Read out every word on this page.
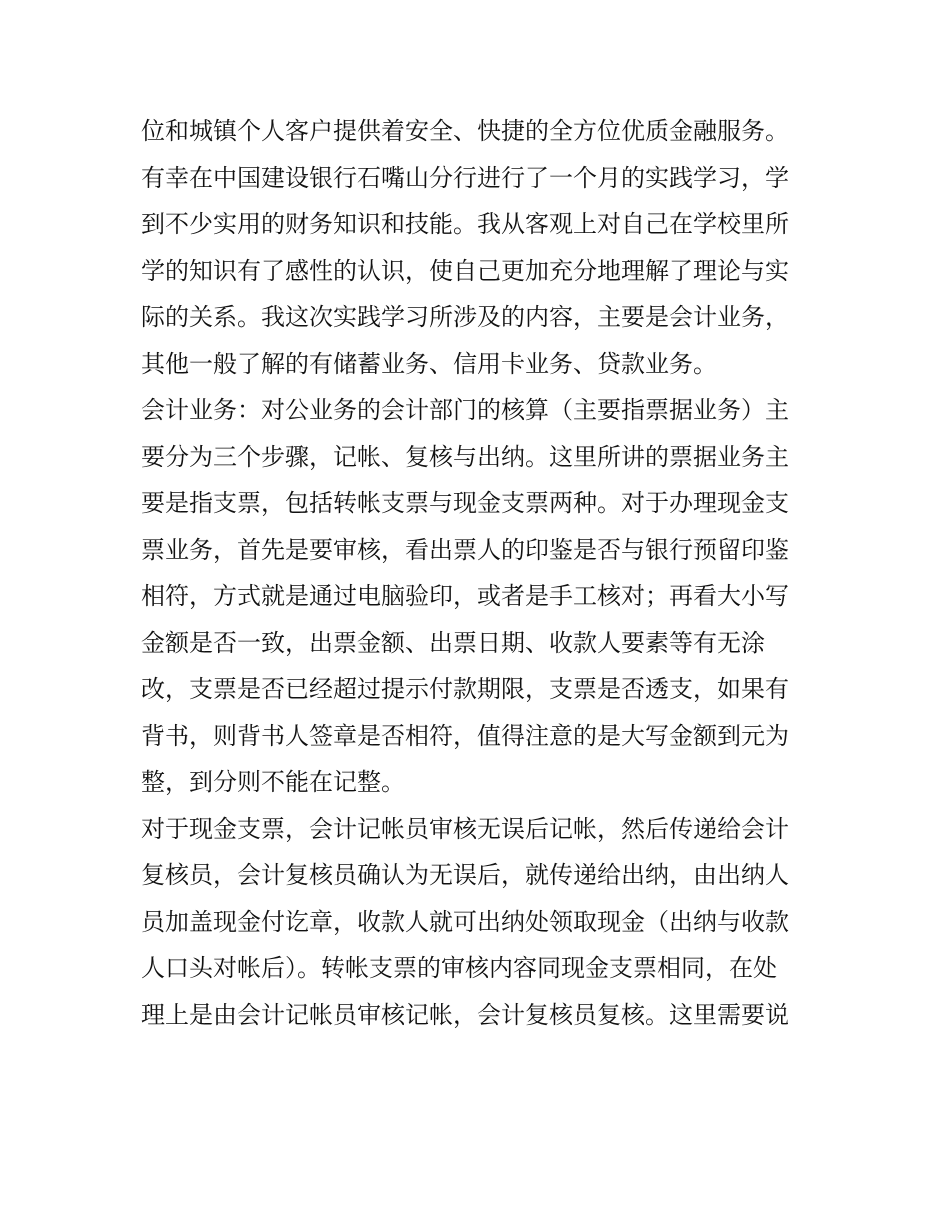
位和城镇个人客户提供着安全、快捷的全方位优质金融服务。
有幸在中国建设银行石嘴山分行进行了一个月的实践学习，学
到不少实用的财务知识和技能。我从客观上对自己在学校里所
学的知识有了感性的认识，使自己更加充分地理解了理论与实
际的关系。我这次实践学习所涉及的内容，主要是会计业务，
其他一般了解的有储蓄业务、信用卡业务、贷款业务。
会计业务：对公业务的会计部门的核算（主要指票据业务）主
要分为三个步骤，记帐、复核与出纳。这里所讲的票据业务主
要是指支票，包括转帐支票与现金支票两种。对于办理现金支
票业务，首先是要审核，看出票人的印鉴是否与银行预留印鉴
相符，方式就是通过电脑验印，或者是手工核对；再看大小写
金额是否一致，出票金额、出票日期、收款人要素等有无涂
改，支票是否已经超过提示付款期限，支票是否透支，如果有
背书，则背书人签章是否相符，值得注意的是大写金额到元为
整，到分则不能在记整。
对于现金支票，会计记帐员审核无误后记帐，然后传递给会计
复核员，会计复核员确认为无误后，就传递给出纳，由出纳人
员加盖现金付讫章，收款人就可出纳处领取现金（出纳与收款
人口头对帐后）。转帐支票的审核内容同现金支票相同，在处
理上是由会计记帐员审核记帐，会计复核员复核。这里需要说
